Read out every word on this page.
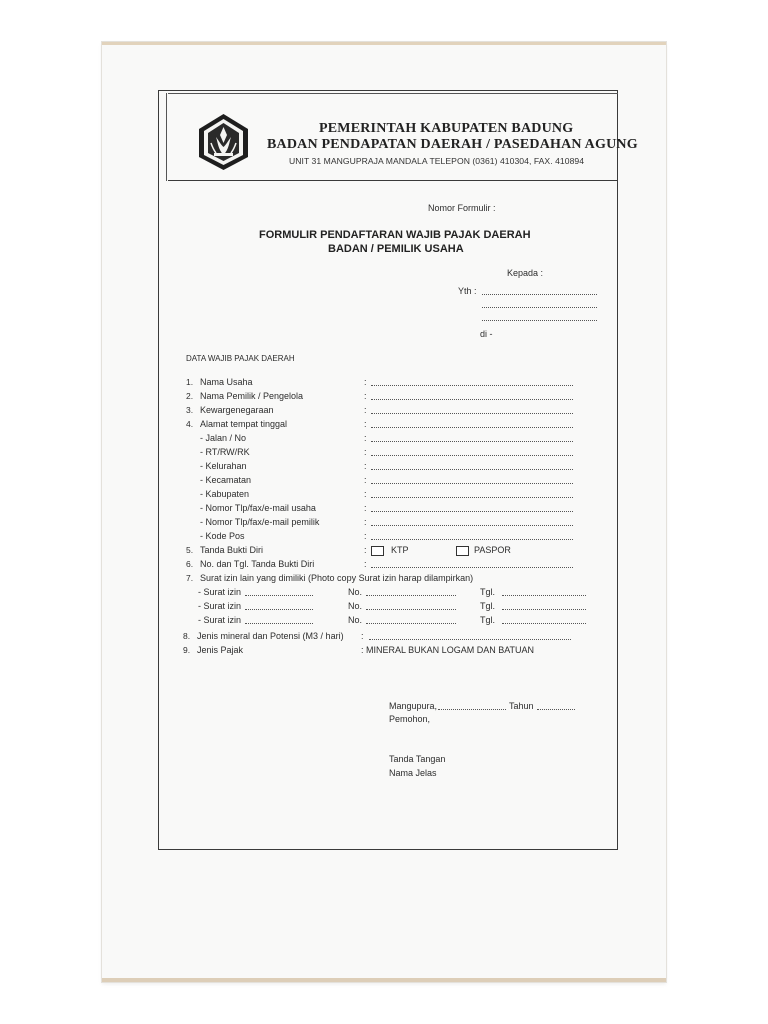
PEMERINTAH KABUPATEN BADUNG
BADAN PENDAPATAN DAERAH / PASEDAHAN AGUNG
UNIT 31 MANGUPRAJA MANDALA TELEPON (0361) 410304, FAX. 410894
Nomor Formulir :
FORMULIR PENDAFTARAN WAJIB PAJAK DAERAH
BADAN / PEMILIK USAHA
Kepada :
Yth :
di -
DATA WAJIB PAJAK DAERAH
1. Nama Usaha	:
2. Nama Pemilik / Pengelola	:
3. Kewargenegaraan	:
4. Alamat tempat tinggal	:
- Jalan / No	:
- RT/RW/RK	:
- Kelurahan	:
- Kecamatan	:
- Kabupaten	:
- Nomor Tlp/fax/e-mail usaha	:
- Nomor Tlp/fax/e-mail pemilik	:
- Kode Pos	:
5. Tanda Bukti Diri	:	KTP	PASPOR
6. No. dan Tgl. Tanda Bukti Diri	:
7. Surat izin lain yang dimiliki (Photo copy Surat izin harap dilampirkan)
- Surat izin	No.	Tgl.
- Surat izin	No.	Tgl.
- Surat izin	No.	Tgl.
8. Jenis mineral dan Potensi (M3 / hari) :
9. Jenis Pajak	: MINERAL BUKAN LOGAM DAN BATUAN
Mangupura,	Tahun
Pemohon,
Tanda Tangan
Nama Jelas
